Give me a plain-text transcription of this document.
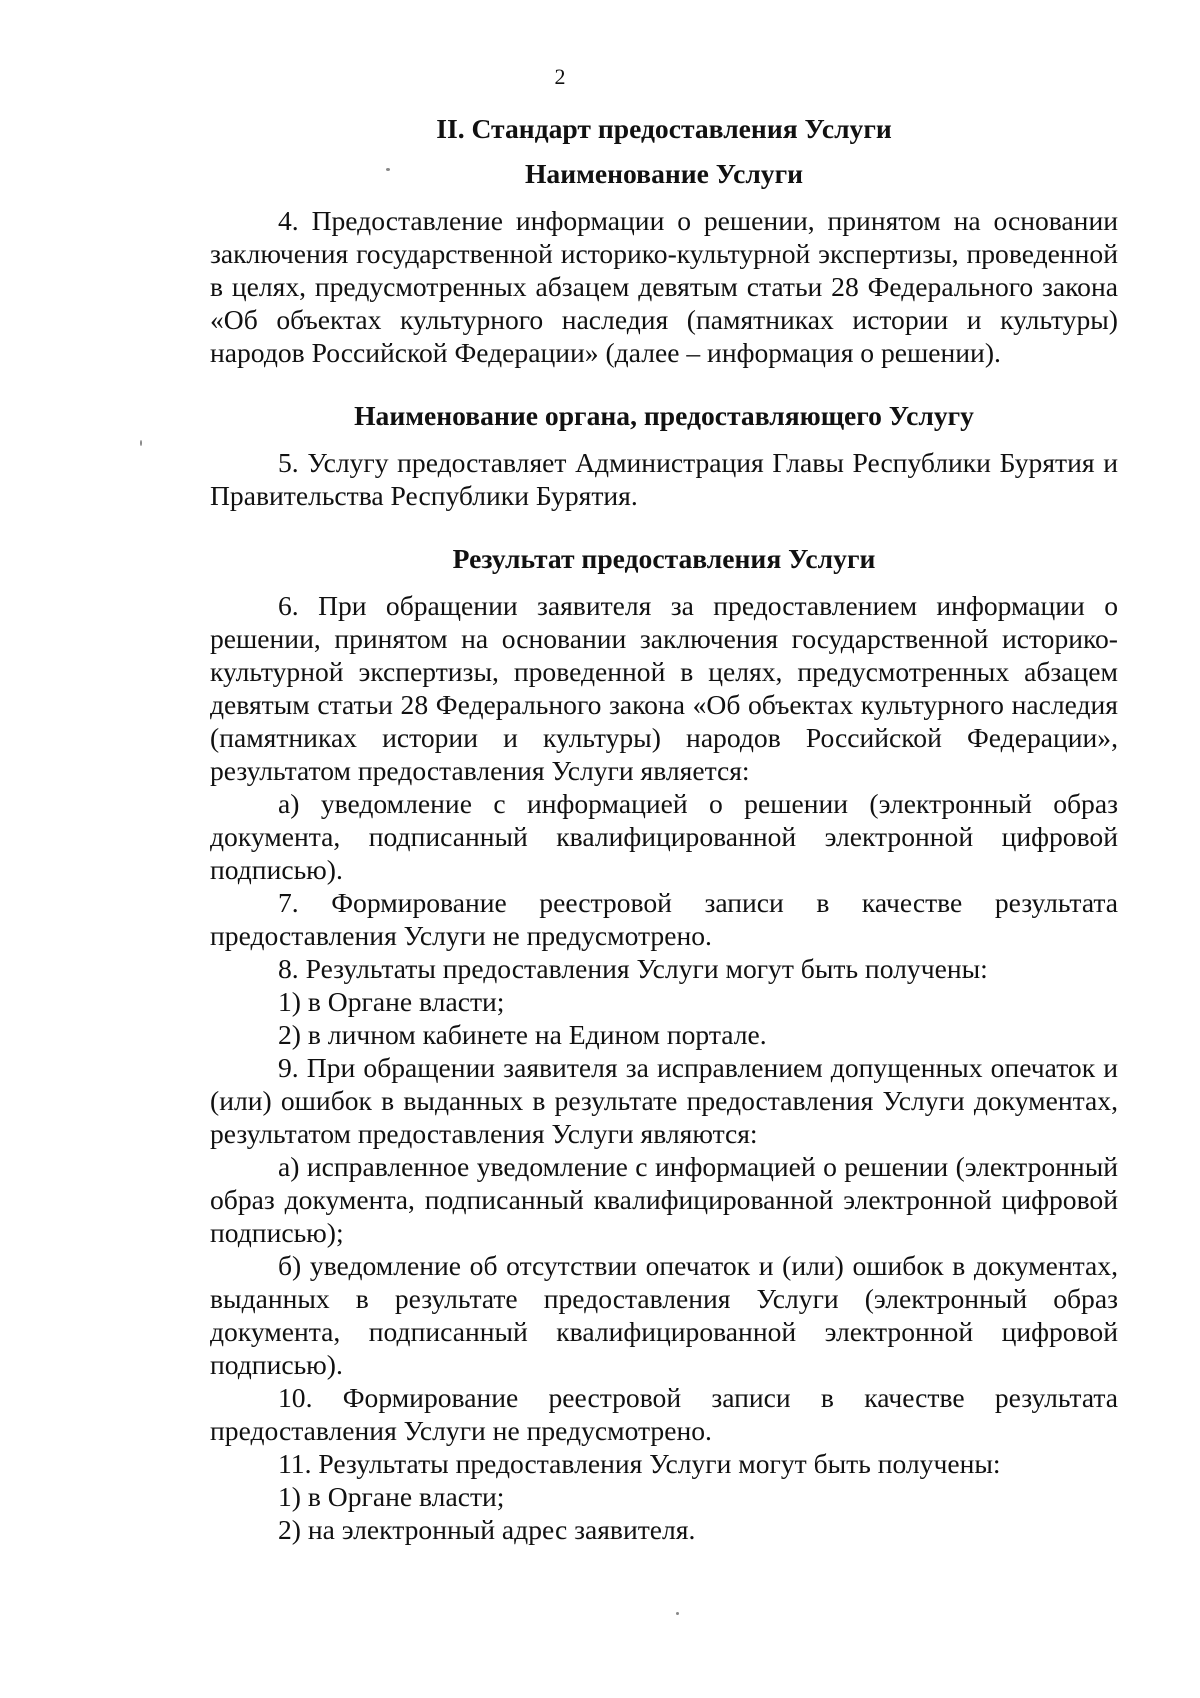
2
II. Стандарт предоставления Услуги
Наименование Услуги

4. Предоставление информации о решении, принятом на основании заключения государственной историко-культурной экспертизы, проведенной в целях, предусмотренных абзацем девятым статьи 28 Федерального закона «Об объектах культурного наследия (памятниках истории и культуры) народов Российской Федерации» (далее – информация о решении).

Наименование органа, предоставляющего Услугу

5. Услугу предоставляет Администрация Главы Республики Бурятия и Правительства Республики Бурятия.

Результат предоставления Услуги

6. При обращении заявителя за предоставлением информации о решении, принятом на основании заключения государственной историко-культурной экспертизы, проведенной в целях, предусмотренных абзацем девятым статьи 28 Федерального закона «Об объектах культурного наследия (памятниках истории и культуры) народов Российской Федерации», результатом предоставления Услуги является:

а) уведомление с информацией о решении (электронный образ документа, подписанный квалифицированной электронной цифровой подписью).

7. Формирование реестровой записи в качестве результата предоставления Услуги не предусмотрено.

8. Результаты предоставления Услуги могут быть получены:

1) в Органе власти;

2) в личном кабинете на Едином портале.

9. При обращении заявителя за исправлением допущенных опечаток и (или) ошибок в выданных в результате предоставления Услуги документах, результатом предоставления Услуги являются:

а) исправленное уведомление с информацией о решении (электронный образ документа, подписанный квалифицированной электронной цифровой подписью);

б) уведомление об отсутствии опечаток и (или) ошибок в документах, выданных в результате предоставления Услуги (электронный образ документа, подписанный квалифицированной электронной цифровой подписью).

10. Формирование реестровой записи в качестве результата предоставления Услуги не предусмотрено.

11. Результаты предоставления Услуги могут быть получены:

1) в Органе власти;

2) на электронный адрес заявителя.
